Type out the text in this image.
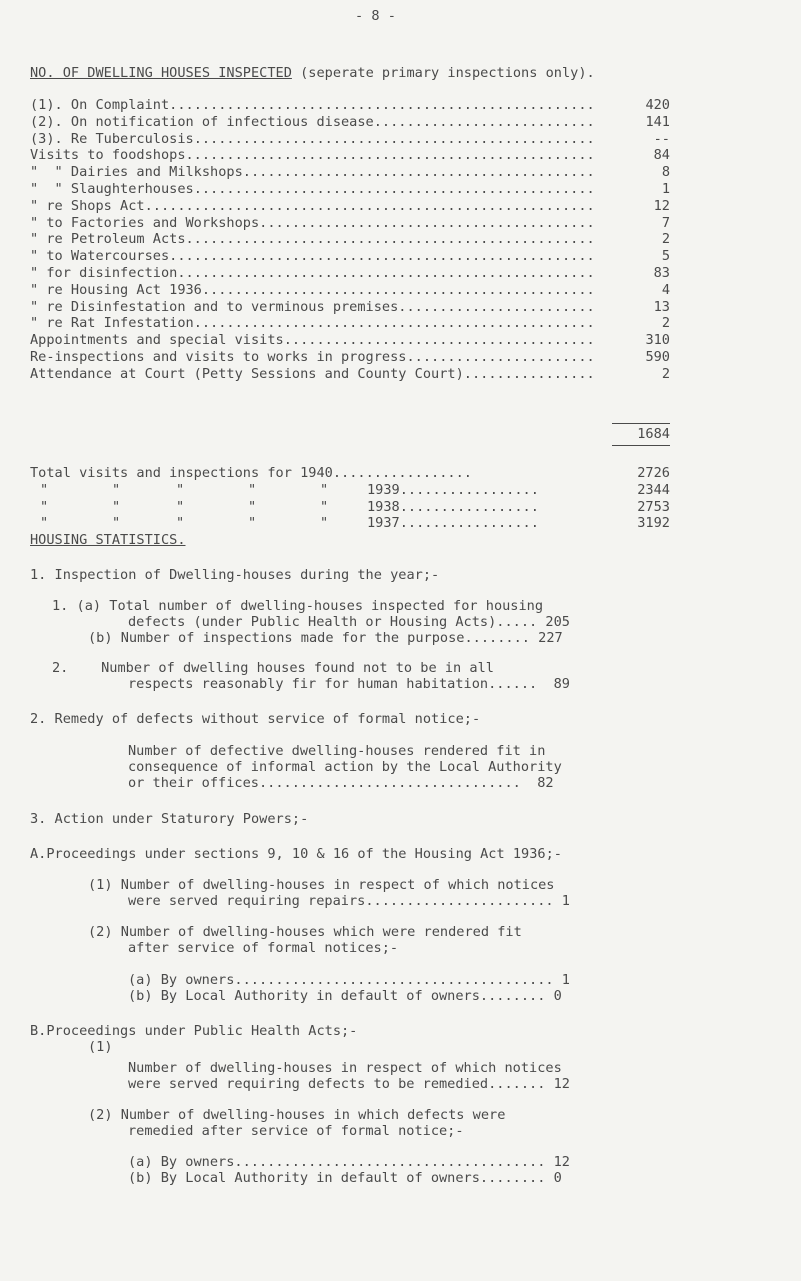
- 8 -
NO. OF DWELLING HOUSES INSPECTED (seperate primary inspections only).
(1). On Complaint....................................................	420
(2). On notification of infectious disease...........................	141
(3). Re Tuberculosis.................................................	--
Visits to foodshops..................................................	84
"  " Dairies and Milkshops...........................................	8
"  " Slaughterhouses.................................................	1
" re Shops Act.......................................................	12
" to Factories and Workshops.........................................	7
" re Petroleum Acts..................................................	2
" to Watercourses....................................................	5
" for disinfection...................................................	83
" re Housing Act 1936................................................	4
" re Disinfestation and to verminous premises........................	13
" re Rat Infestation.................................................	2
Appointments and special visits......................................	310
Re-inspections and visits to works in progress.......................	590
Attendance at Court (Petty Sessions and County Court)................	2
1684
Total visits and inspections for 1940.................	2726
"	"	"	"	"	1939.................	2344
"	"	"	"	"	1938.................	2753
"	"	"	"	"	1937.................	3192
HOUSING STATISTICS.
1. Inspection of Dwelling-houses during the year;-
1. (a) Total number of dwelling-houses inspected for housing
defects (under Public Health or Housing Acts)..... 205
(b) Number of inspections made for the purpose........ 227
2.    Number of dwelling houses found not to be in all
respects reasonably fir for human habitation...... 89
2. Remedy of defects without service of formal notice;-
Number of defective dwelling-houses rendered fit in
consequence of informal action by the Local Authority
or their offices................................ 82
3. Action under Staturory Powers;-
A.Proceedings under sections 9, 10 & 16 of the Housing Act 1936;-
(1) Number of dwelling-houses in respect of which notices
were served requiring repairs....................... 1
(2) Number of dwelling-houses which were rendered fit
after service of formal notices;-
(a) By owners....................................... 1
(b) By Local Authority in default of owners........ 0
B.Proceedings under Public Health Acts;-
(1)
Number of dwelling-houses in respect of which notices
were served requiring defects to be remedied....... 12
(2) Number of dwelling-houses in which defects were
remedied after service of formal notice;-
(a) By owners...................................... 12
(b) By Local Authority in default of owners........ 0
